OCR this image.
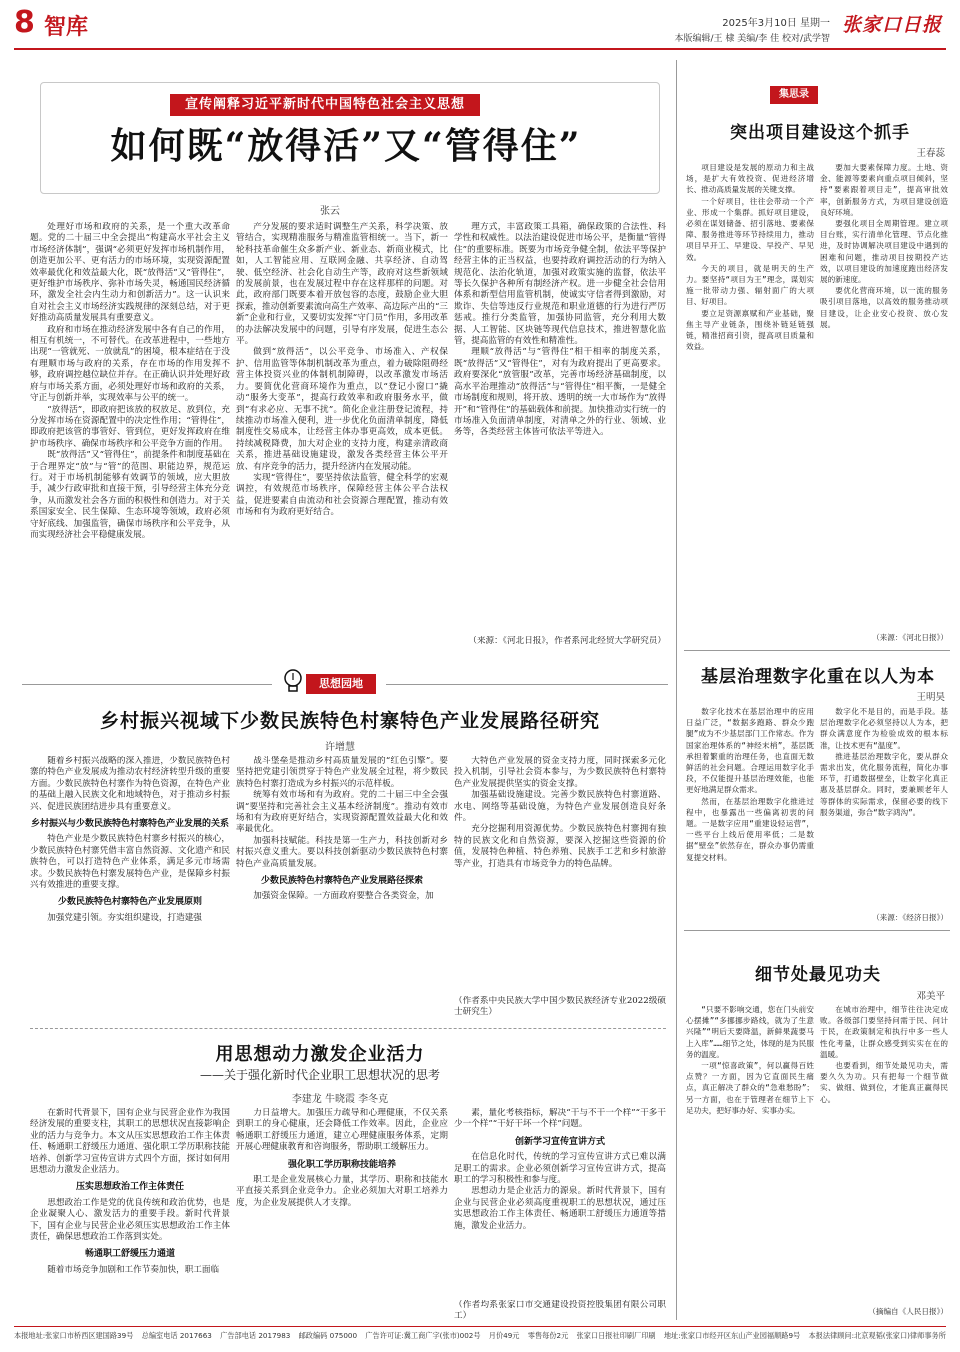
8 智库	2025年3月10日 星期一
本版编辑/王 棣 美编/李 佳 校对/武学智
张家口日报
宣传阐释习近平新时代中国特色社会主义思想
如何既“放得活”又“管得住”
张云

处理好市场和政府的关系，是一个重大改革命题。党的二十届三中全会提出“构建高水平社会主义市场经济体制”，强调“必须更好发挥市场机制作用，创造更加公平、更有活力的市场环境，实现资源配置效率最优化和效益最大化，既“放得活”又“管得住”，更好维护市场秩序、弥补市场失灵，畅通国民经济循环，激发全社会内生动力和创新活力”。这一认识来自对社会主义市场经济实践规律的深刻总结，对于更好推动高质量发展具有重要意义。

政府和市场在推动经济发展中各有自己的作用，相互有机统一，不可替代。在改革进程中，一些地方出现“一管就死、一放就乱”的困境，根本症结在于没有理顺市场与政府的关系，存在市场的作用发挥不够，政府调控越位缺位并存。在正确认识并处理好政府与市场关系方面，必须处理好市场和政府的关系，守正与创新并举，实现效率与公平的统一。

“放得活”，即政府把该放的权放足、放到位，充分发挥市场在资源配置中的决定性作用；“管得住”，即政府把该管的事管好、管到位，更好发挥政府在维护市场秩序、确保市场秩序和公平竞争方面的作用。

既“放得活”又“管得住”，前提条件和制度基础在于合理界定“放”与“管”的范围、职能边界，规范运行。对于市场机制能够有效调节的领域，应大胆放手，减少行政审批和直接干预，引导经营主体充分竞争，从而激发社会各方面的积极性和创造力。对于关系国家安全、民生保障、生态环境等领域，政府必须守好底线、加强监管，确保市场秩序和公平竞争，从而实现经济社会平稳健康发展。

产分发展的要求适时调整生产关系，科学决策、放管结合，实现精准服务与精准监管相统一。当下，新一轮科技革命催生众多新产业、新业态、新商业模式，比如，人工智能应用、互联网金融、共享经济、自动驾驶、低空经济、社会化自动生产等，政府对这些新领域的发展前景，也在发展过程中存在这样那样的问题。对此，政府部门既要本着开放包容的态度，鼓励企业大胆探索，推动创新要素流向高生产效率、高边际产出的“三新”企业和行业，又要切实发挥“守门员”作用，多用改革的办法解决发展中的问题，引导有序发展，促进生态公平。

做到“放得活”，以公平竞争、市场准入、产权保护、信用监管等体制机制改革为重点，着力破除阻碍经营主体投资兴业的体制机制障碍，以改革激发市场活力。要简优化营商环境作为重点，以“登记小窗口”撬动“服务大变革”，提高行政效率和政府服务水平，做到“有求必应、无事不扰”。简化企业注册登记流程，持续推动市场准入便利，进一步优化负面清单制度，降低制度性交易成本，让经营主体办事更高效，成本更低。持续减税降费，加大对企业的支持力度，构建亲清政商关系，推进基础设施建设，激发各类经营主体公平开放、有序竞争的活力，提升经济内在发展动能。

实现“管得住”，要坚持依法监管，健全科学的宏观调控，有效规范市场秩序，保障经营主体公平合法权益，促进要素自由流动和社会资源合理配置，推动有效市场和有为政府更好结合。

理方式，丰富政策工具箱，确保政策的合法性、科学性和权威性。以法治建设促进市场公平，是衡量“管得住”的重要标准。既要为市场竞争健全制，依法平等保护经营主体的正当权益，也要持政府调控活动的行为纳入规范化、法治化轨道，加强对政策实施的监督，依法平等长久保护各种所有制经济产权。进一步健全社会信用体系和新型信用监管机制，使诚实守信者得到激励，对欺诈、失信等违反行业规范和职业道德的行为进行严厉惩戒。推行分类监管，加强协同监管，充分利用大数据、人工智能、区块链等现代信息技术，推进智慧化监管，提高监管的有效性和精准性。

理顺“放得活”与“管得住”相干相率的制度关系，既“放得活”又“管得住”，对有为政府提出了更高要求。政府要深化“放管服”改革，完善市场经济基础制度，以高水平治理推动“放得活”与“管得住”相平衡，一是健全市场制度和规则，将开放、透明的统一大市场作为“放得开”和“管得住”的基础载体和前提。加快推动实行统一的市场准入负面清单制度，对清单之外的行业、领域、业务等，各类经营主体皆可依法平等进入。

（来源：《河北日报》，作者系河北经贸大学研究员）
集思录
突出项目建设这个抓手
王春蕊

项目建设是发展的原动力和主战场，是扩大有效投资、促进经济增长、推动高质量发展的关键支撑。

一个好项目，往往会带动一个产业、形成一个集群。抓好项目建设，必须在谋划储备、招引落地、要素保障、服务推进等环节持续用力，推动项目早开工、早建设、早投产、早见效。

今天的项目，就是明天的生产力。要坚持“项目为王”理念，谋划实施一批带动力强、辐射面广的大项目、好项目。

要立足资源禀赋和产业基础，聚焦主导产业链条，围绕补链延链强链，精准招商引资，提高项目质量和效益。

要加大要素保障力度。土地、资金、能源等要素向重点项目倾斜，坚持“要素跟着项目走”，提高审批效率，创新服务方式，为项目建设创造良好环境。

要强化项目全周期管理。建立项目台账，实行清单化管理、节点化推进，及时协调解决项目建设中遇到的困难和问题，推动项目按期投产达效，以项目建设的加速度跑出经济发展的新速度。

要优化营商环境，以一流的服务吸引项目落地，以高效的服务推动项目建设，让企业安心投资、放心发展。

（来源：《河北日报》）
基层治理数字化重在以人为本
王明昊

数字化技术在基层治理中的应用日益广泛，“数据多跑路、群众少跑腿”成为不少基层部门工作常态。作为国家治理体系的“神经末梢”，基层既承担着繁重的治理任务，也直面无数鲜活的社会问题。合理运用数字化手段，不仅能提升基层治理效能，也能更好地满足群众需求。

然而，在基层治理数字化推进过程中，也暴露出一些偏离初衷的问题。一是数字应用“重建设轻运营”，一些平台上线后使用率低；二是数据“壁垒”依然存在，群众办事仍需重复提交材料。

数字化不是目的，而是手段。基层治理数字化必须坚持以人为本，把群众满意度作为检验成效的根本标准，让技术更有“温度”。

推进基层治理数字化，要从群众需求出发，优化服务流程，简化办事环节，打通数据壁垒，让数字化真正惠及基层群众。同时，要兼顾老年人等群体的实际需求，保留必要的线下服务渠道，弥合“数字鸿沟”。

（来源：《经济日报》）
细节处最见功夫
邓美平

“只要不影响交通，您在门头前安心摆摊”“多挪挪步路线，就为了生意兴隆”“明后天要降温，新鲜果蔬要马上入库”……细节之处，体现的是为民服务的温度。

一项“惊喜政策”，何以赢得百姓点赞？一方面，因为它直面民生痛点，真正解决了群众的“急难愁盼”；另一方面，也在于管理者在细节上下足功夫，把好事办好、实事办实。

在城市治理中，细节往往决定成败。各级部门要坚持问需于民、问计于民，在政策制定和执行中多一些人性化考量，让群众感受到实实在在的温暖。

也要看到，细节处最见功夫，需要久久为功。只有把每一个细节做实、做细、做到位，才能真正赢得民心。

（摘编自《人民日报》）
思想园地
乡村振兴视域下少数民族特色村寨特色产业发展路径研究
许增慧

随着乡村振兴战略的深入推进，少数民族特色村寨的特色产业发展成为推动农村经济转型升级的重要方面。少数民族特色村寨作为特色资源，在特色产业的基础上融入民族文化和地域特色，对于推动乡村振兴、促进民族团结进步具有重要意义。

乡村振兴与少数民族特色村寨特色产业发展的关系

特色产业是少数民族特色村寨乡村振兴的核心，少数民族特色村寨凭借丰富自然资源、文化遗产和民族特色，可以打造特色产业体系，满足多元市场需求。少数民族特色村寨发展特色产业，是保障乡村振兴有效推进的重要支撑。

少数民族特色村寨特色产业发展原则

加强党建引领。夯实组织建设，打造建强

战斗堡垒是推动乡村高质量发展的“红色引擎”。要坚持把党建引领贯穿于特色产业发展全过程，将少数民族特色村寨打造成为乡村振兴的示范样板。

统筹有效市场和有为政府。党的二十届三中全会强调“要坚持和完善社会主义基本经济制度”。推动有效市场和有为政府更好结合，实现资源配置效益最大化和效率最优化。

加强科技赋能。科技是第一生产力，科技创新对乡村振兴意义重大。要以科技创新驱动少数民族特色村寨特色产业高质量发展。

少数民族特色村寨特色产业发展路径探索

加强资金保障。一方面政府要整合各类资金，加

大特色产业发展的资金支持力度，同时探索多元化投入机制，引导社会资本参与，为少数民族特色村寨特色产业发展提供坚实的资金支撑。

加强基础设施建设。完善少数民族特色村寨道路、水电、网络等基础设施，为特色产业发展创造良好条件。

充分挖掘利用资源优势。少数民族特色村寨拥有独特的民族文化和自然资源，要深入挖掘这些资源的价值，发展特色种植、特色养殖、民族手工艺和乡村旅游等产业，打造具有市场竞争力的特色品牌。

（作者系中央民族大学中国少数民族经济专业2022级硕士研究生）
用思想动力激发企业活力
——关于强化新时代企业职工思想状况的思考
李建龙 牛晓霞 李冬克

在新时代背景下，国有企业与民营企业作为我国经济发展的重要支柱，其职工的思想状况直接影响企业的活力与竞争力。本文从压实思想政治工作主体责任、畅通职工舒缓压力通道、强化职工学历职称技能培养、创新学习宣传宣讲方式四个方面，探讨如何用思想动力激发企业活力。

压实思想政治工作主体责任

思想政治工作是党的优良传统和政治优势，也是企业凝聚人心、激发活力的重要手段。新时代背景下，国有企业与民营企业必须压实思想政治工作主体责任，确保思想政治工作落到实处。

畅通职工舒缓压力通道

随着市场竞争加剧和工作节奏加快，职工面临

力日益增大。加强压力疏导和心理健康，不仅关系到职工的身心健康，还会降低工作效率。因此，企业应畅通职工舒缓压力通道，建立心理健康服务体系，定期开展心理健康教育和咨询服务，帮助职工缓解压力。

强化职工学历职称技能培养

职工是企业发展核心力量，其学历、职称和技能水平直接关系到企业竞争力。企业必须加大对职工培养力度，为企业发展提供人才支撑。

素，量化考核指标，解决“干与不干一个样”“干多干少一个样”“干好干坏一个样”问题。

创新学习宣传宣讲方式

在信息化时代，传统的学习宣传宣讲方式已难以满足职工的需求。企业必须创新学习宣传宣讲方式，提高职工的学习积极性和参与度。

思想动力是企业活力的源泉。新时代背景下，国有企业与民营企业必须高度重视职工的思想状况，通过压实思想政治工作主体责任、畅通职工舒缓压力通道等措施，激发企业活力。

（作者均系张家口市交通建设投资控股集团有限公司职工）
本报地址:张家口市桥西区建国路39号 总编室电话 2017663 广告部电话 2017983 邮政编码 075000 广告许可证:冀工商广字(张市)002号 月价49元 零售每份2元 张家口日报社印刷厂印刷 地址:张家口市经开区东山产业园福顺路9号 本报法律顾问:北京观韬(张家口)律师事务所
